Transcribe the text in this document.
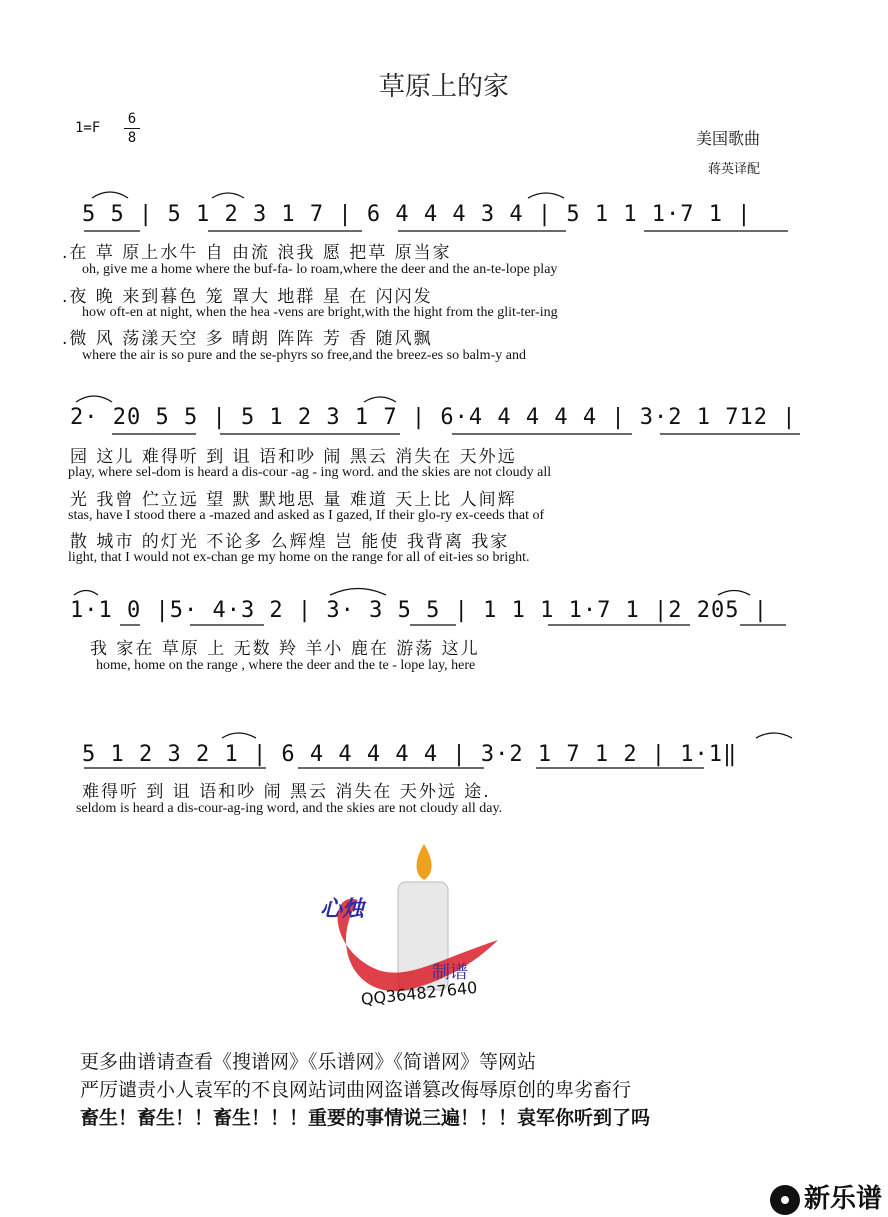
草原上的家
1=F
6
8	美国歌曲
蒋英译配
5 5 | 5 1 2 3 1 7 | 6 4 4 4 3 4 | 5 1 1 1·7 1 |
.在 草 原上水牛 自 由流 浪我 愿 把草 原当家
oh, give me a home where the buf-fa- lo roam,where the deer and the an-te-lope play
.夜 晚 来到暮色 笼 罩大 地群 星 在 闪闪发
how oft-en at night, when the hea -vens are bright,with the hight from the glit-ter-ing
.微 风 荡漾天空 多 晴朗 阵阵 芳 香 随风飘
where the air is so pure and the se-phyrs so free,and the breez-es so balm-y and
2· 20 5 5 | 5 1 2 3 1 7 | 6·4 4 4 4 4 | 3·2 1 712 |
园 这儿 难得听 到 诅 语和吵 闹 黑云 消失在 天外远
play, where sel-dom is heard a dis-cour -ag - ing word. and the skies are not cloudy all
光 我曾 伫立远 望 默 默地思 量 难道 天上比 人间辉
stas, have I stood there a -mazed and asked as I gazed, If their glo-ry ex-ceeds that of
散 城市 的灯光 不论多 么辉煌 岂 能使 我背离 我家
light, that I would not ex-chan ge my home on the range for all of eit-ies so bright.
1·1 0 |5· 4·3 2 | 3· 3 5 5 | 1 1 1 1·7 1 |2 205 |
我 家在 草原 上 无数 羚 羊小 鹿在 游荡 这儿
home, home on the range , where the deer and the te - lope lay, here
5 1 2 3 2 1 | 6 4 4 4 4 4 | 3·2 1 7 1 2 | 1·1‖
难得听 到 诅 语和吵 闹 黑云 消失在 天外远 途.
seldom is heard a dis-cour-ag-ing word, and the skies are not cloudy all day.
心烛
制谱
QQ364827640
更多曲谱请查看《搜谱网》《乐谱网》《简谱网》等网站
严厉谴责小人袁军的不良网站词曲网盗谱篡改侮辱原创的卑劣畜行
畜生！畜生！！畜生！！！重要的事情说三遍！！！袁军你听到了吗
新乐谱
